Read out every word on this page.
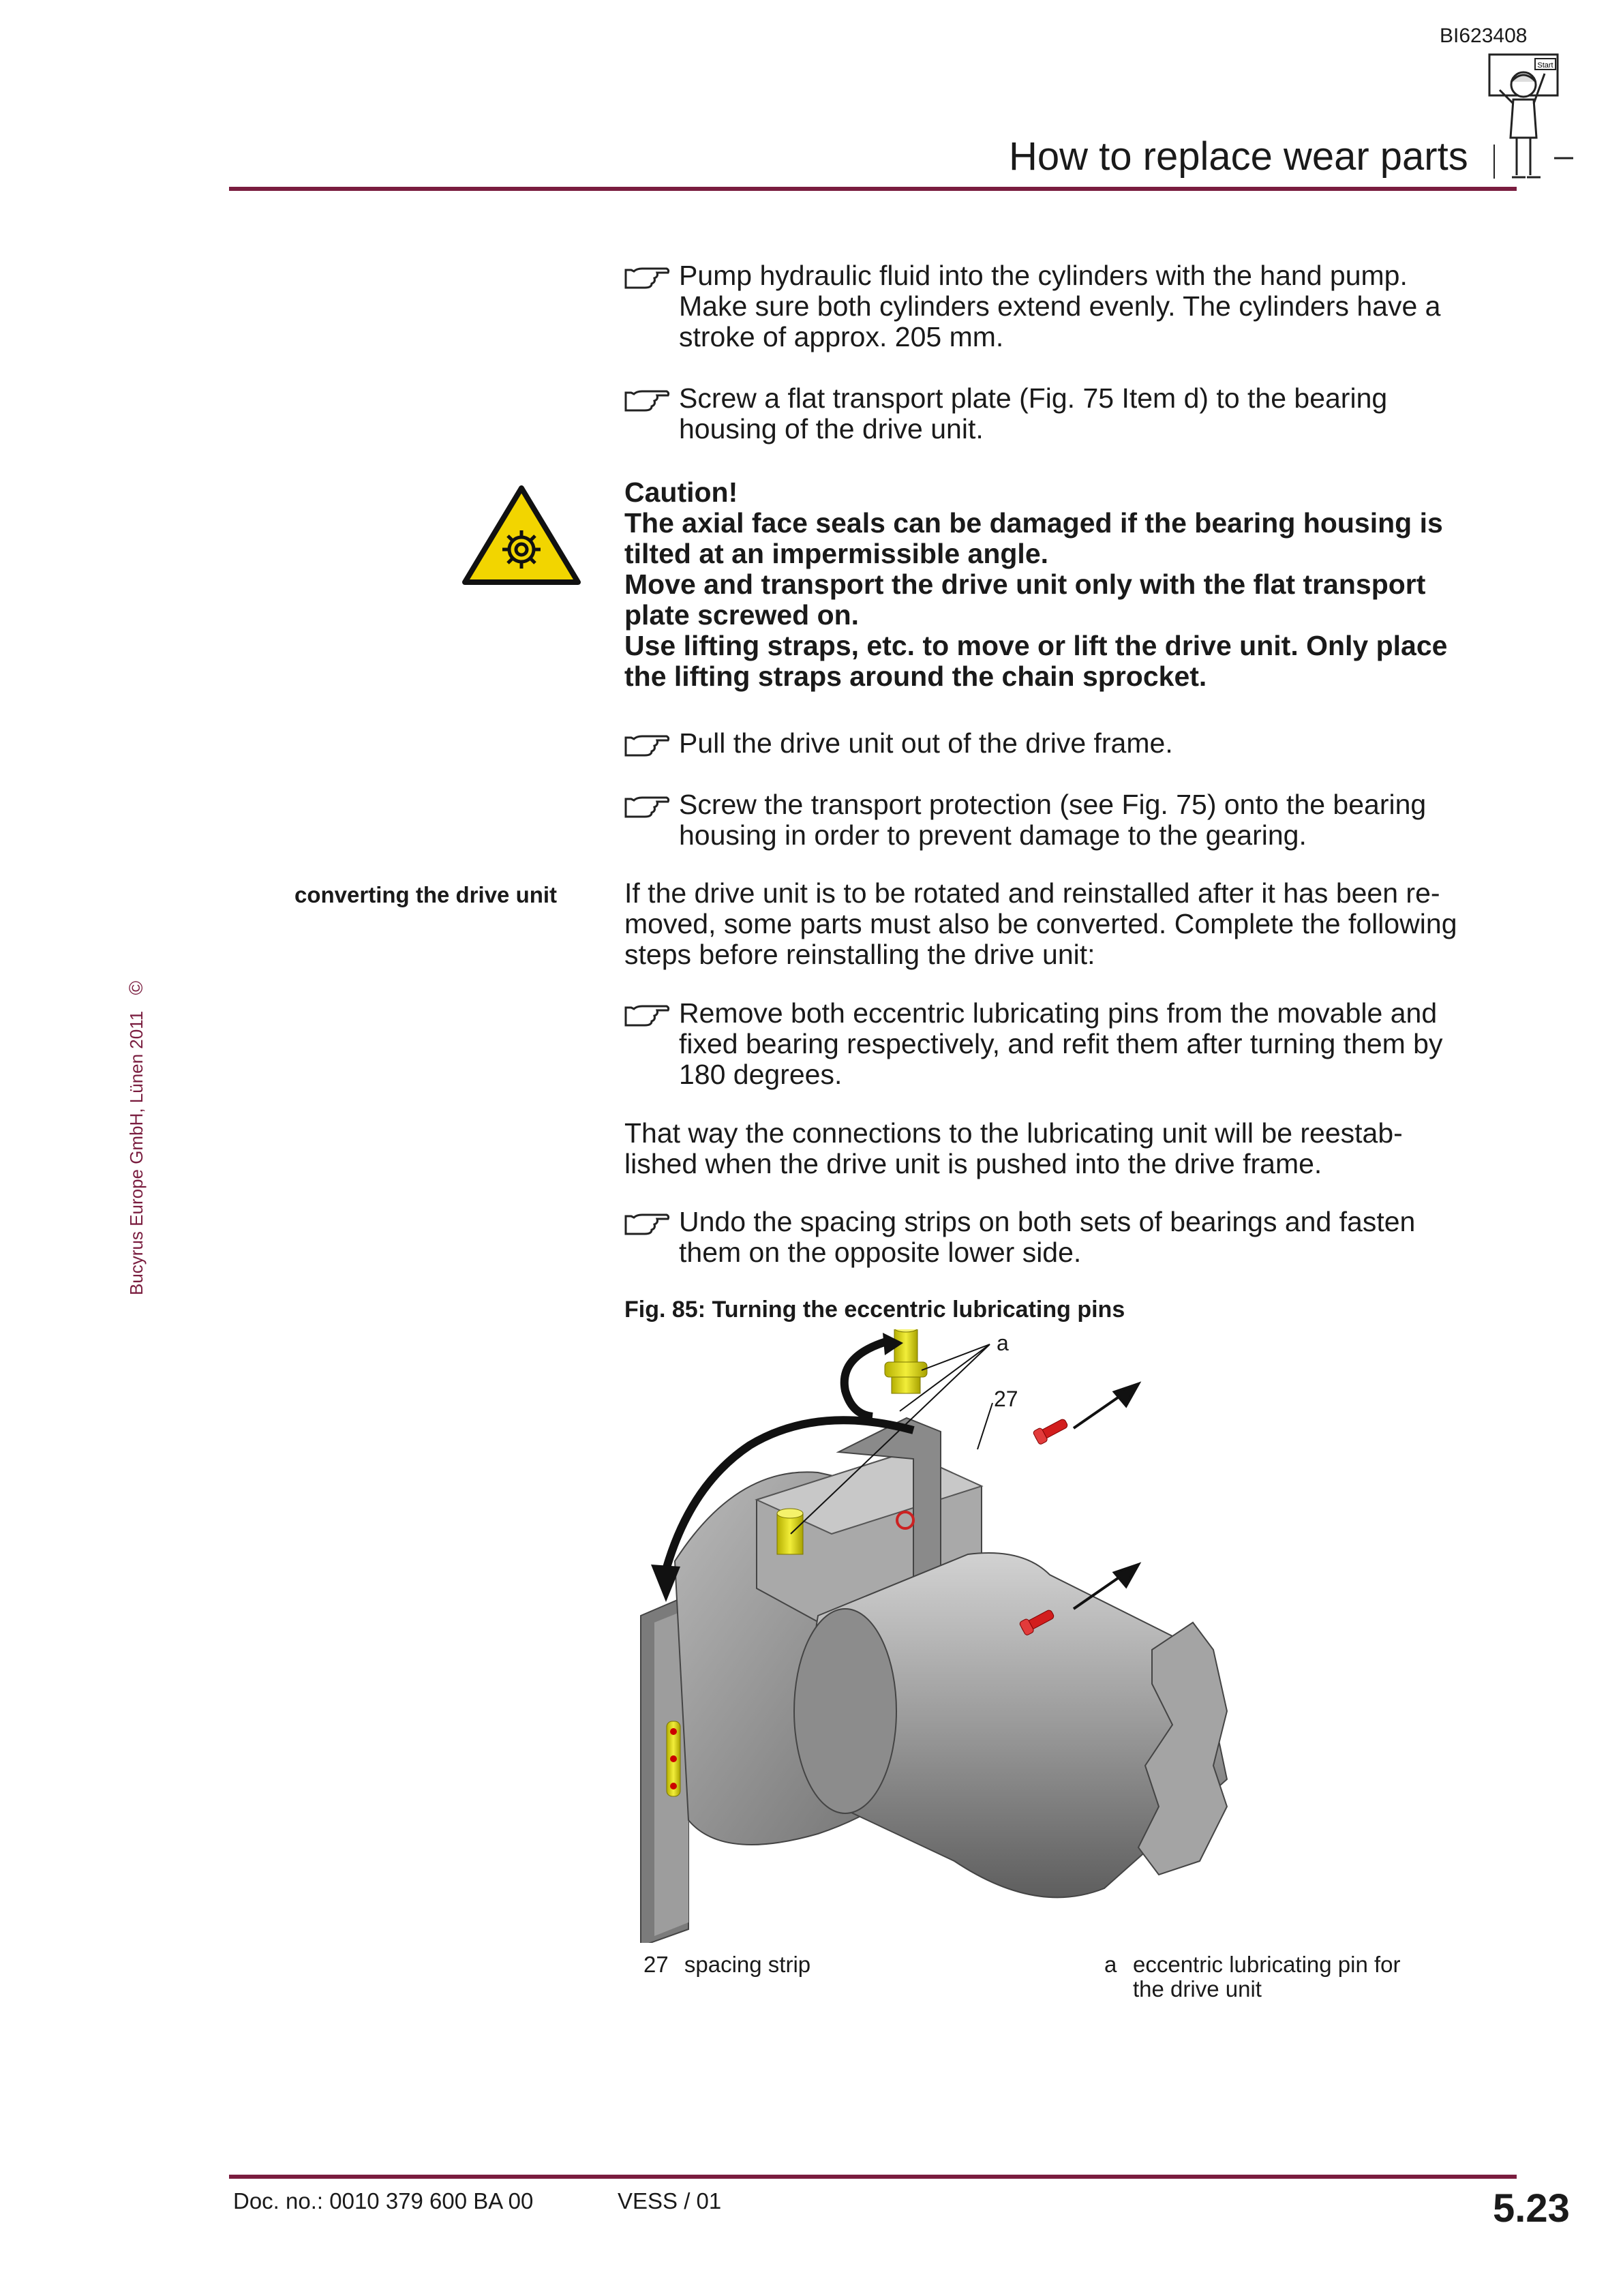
BI623408
How to replace wear parts
Start
Pump hydraulic fluid into the cylinders with the hand pump.
Make sure both cylinders extend evenly. The cylinders have a
stroke of approx. 205 mm.
Screw a flat transport plate (Fig. 75 Item d) to the bearing
housing of the drive unit.
Caution!
The axial face seals can be damaged if the bearing housing is
tilted at an impermissible angle.
Move and transport the drive unit only with the flat transport
plate screwed on.
Use lifting straps, etc. to move or lift the drive unit. Only place
the lifting straps around the chain sprocket.
Pull the drive unit out of the drive frame.
Screw the transport protection (see Fig. 75) onto the bearing
housing in order to prevent damage to the gearing.
converting the drive unit If the drive unit is to be rotated and reinstalled after it has been re-
moved, some parts must also be converted. Complete the following
steps before reinstalling the drive unit:
Remove both eccentric lubricating pins from the movable and
fixed bearing respectively, and refit them after turning them by
180 degrees.
That way the connections to the lubricating unit will be reestab-
lished when the drive unit is pushed into the drive frame.
Undo the spacing strips on both sets of bearings and fasten
them on the opposite lower side.
Fig. 85: Turning the eccentric lubricating pins
a
27
27 spacing strip	a eccentric lubricating pin for
the drive unit
Bucyrus Europe GmbH, Lünen 2011 ©
Doc. no.: 0010 379 600 BA 00	VESS / 01	5.23
